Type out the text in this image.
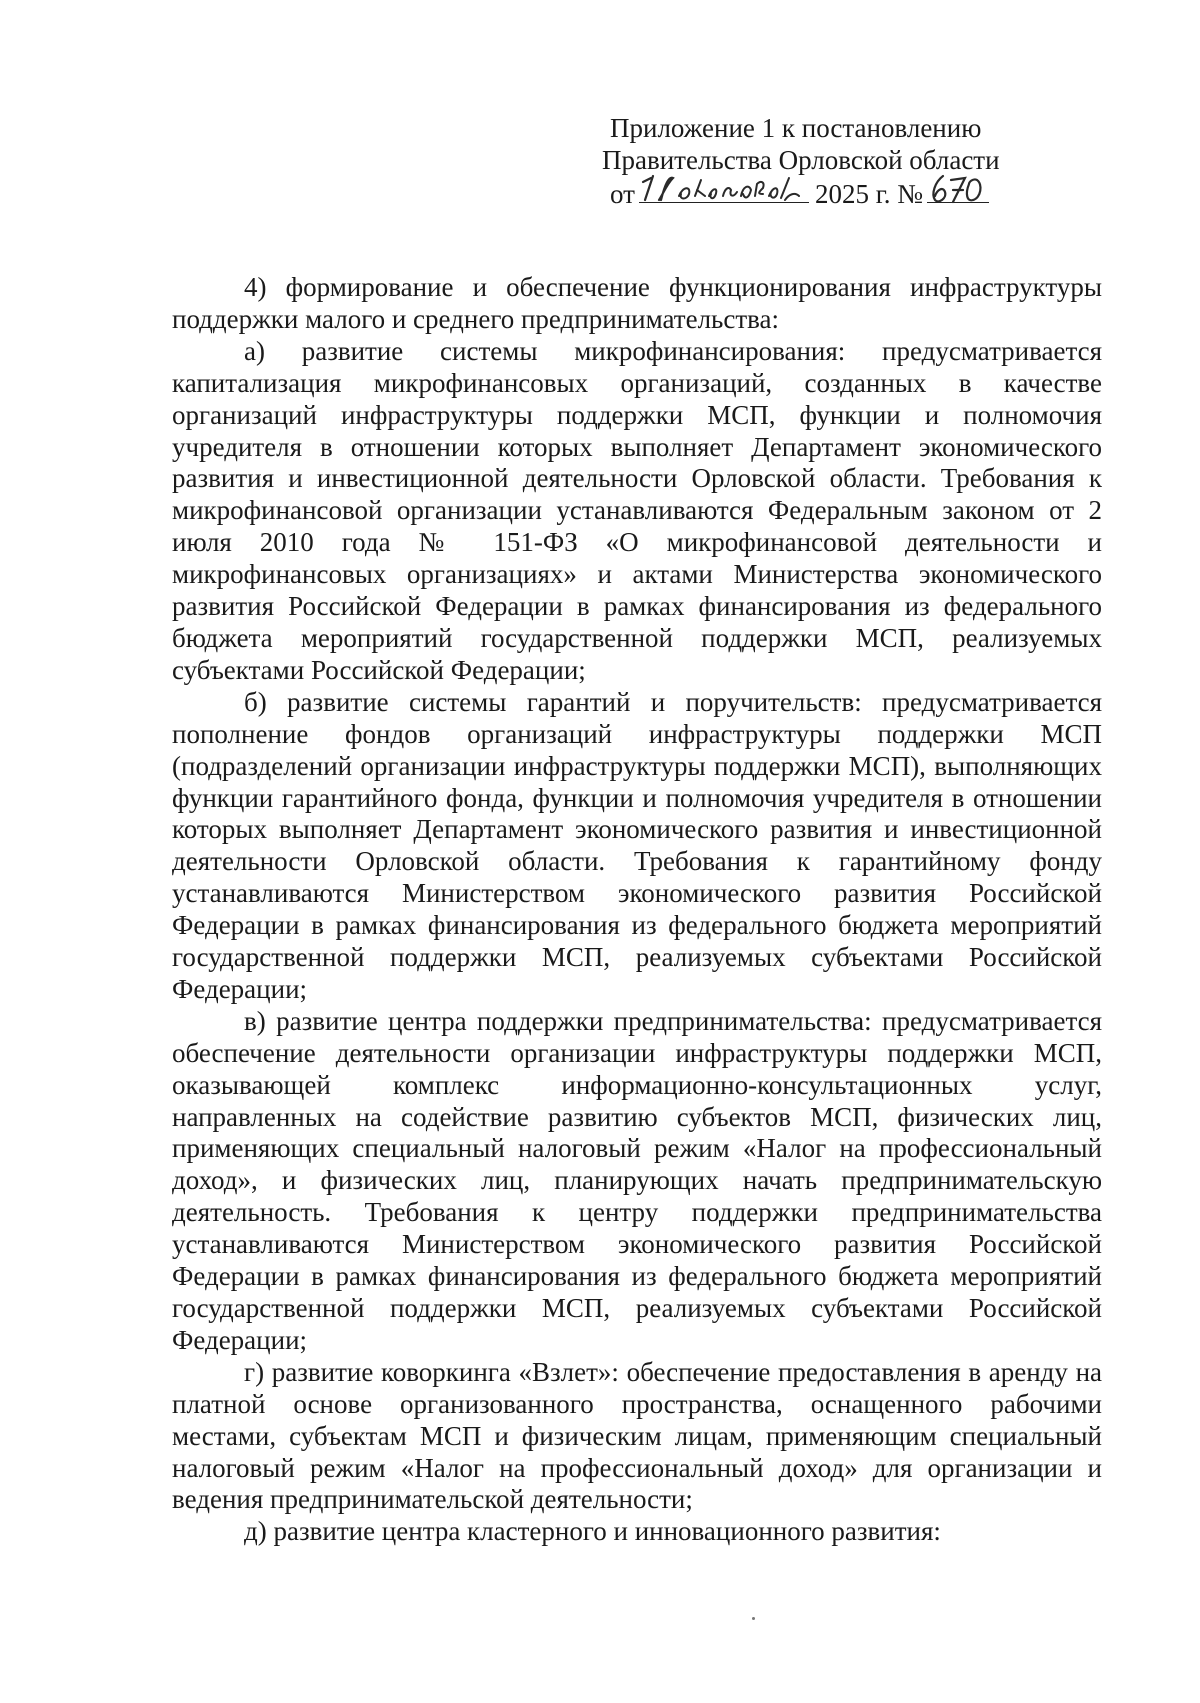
Приложение 1 к постановлению
Правительства Орловской области
от	2025 г. №

4) формирование и обеспечение функционирования инфраструктуры поддержки малого и среднего предпринимательства:

а) развитие системы микрофинансирования: предусматривается капитализация микрофинансовых организаций, созданных в качестве организаций инфраструктуры поддержки МСП, функции и полномочия учредителя в отношении которых выполняет Департамент экономического развития и инвестиционной деятельности Орловской области. Требования к микрофинансовой организации устанавливаются Федеральным законом от 2 июля 2010 года № 151-ФЗ «О микрофинансовой деятельности и микрофинансовых организациях» и актами Министерства экономического развития Российской Федерации в рамках финансирования из федерального бюджета мероприятий государственной поддержки МСП, реализуемых субъектами Российской Федерации;

б) развитие системы гарантий и поручительств: предусматривается пополнение фондов организаций инфраструктуры поддержки МСП (подразделений организации инфраструктуры поддержки МСП), выполняющих функции гарантийного фонда, функции и полномочия учредителя в отношении которых выполняет Департамент экономического развития и инвестиционной деятельности Орловской области. Требования к гарантийному фонду устанавливаются Министерством экономического развития Российской Федерации в рамках финансирования из федерального бюджета мероприятий государственной поддержки МСП, реализуемых субъектами Российской Федерации;

в) развитие центра поддержки предпринимательства: предусматривается обеспечение деятельности организации инфраструктуры поддержки МСП, оказывающей комплекс информационно-консультационных услуг, направленных на содействие развитию субъектов МСП, физических лиц, применяющих специальный налоговый режим «Налог на профессиональный доход», и физических лиц, планирующих начать предпринимательскую деятельность. Требования к центру поддержки предпринимательства устанавливаются Министерством экономического развития Российской Федерации в рамках финансирования из федерального бюджета мероприятий государственной поддержки МСП, реализуемых субъектами Российской Федерации;

г) развитие коворкинга «Взлет»: обеспечение предоставления в аренду на платной основе организованного пространства, оснащенного рабочими местами, субъектам МСП и физическим лицам, применяющим специальный налоговый режим «Налог на профессиональный доход» для организации и ведения предпринимательской деятельности;

д) развитие центра кластерного и инновационного развития:
